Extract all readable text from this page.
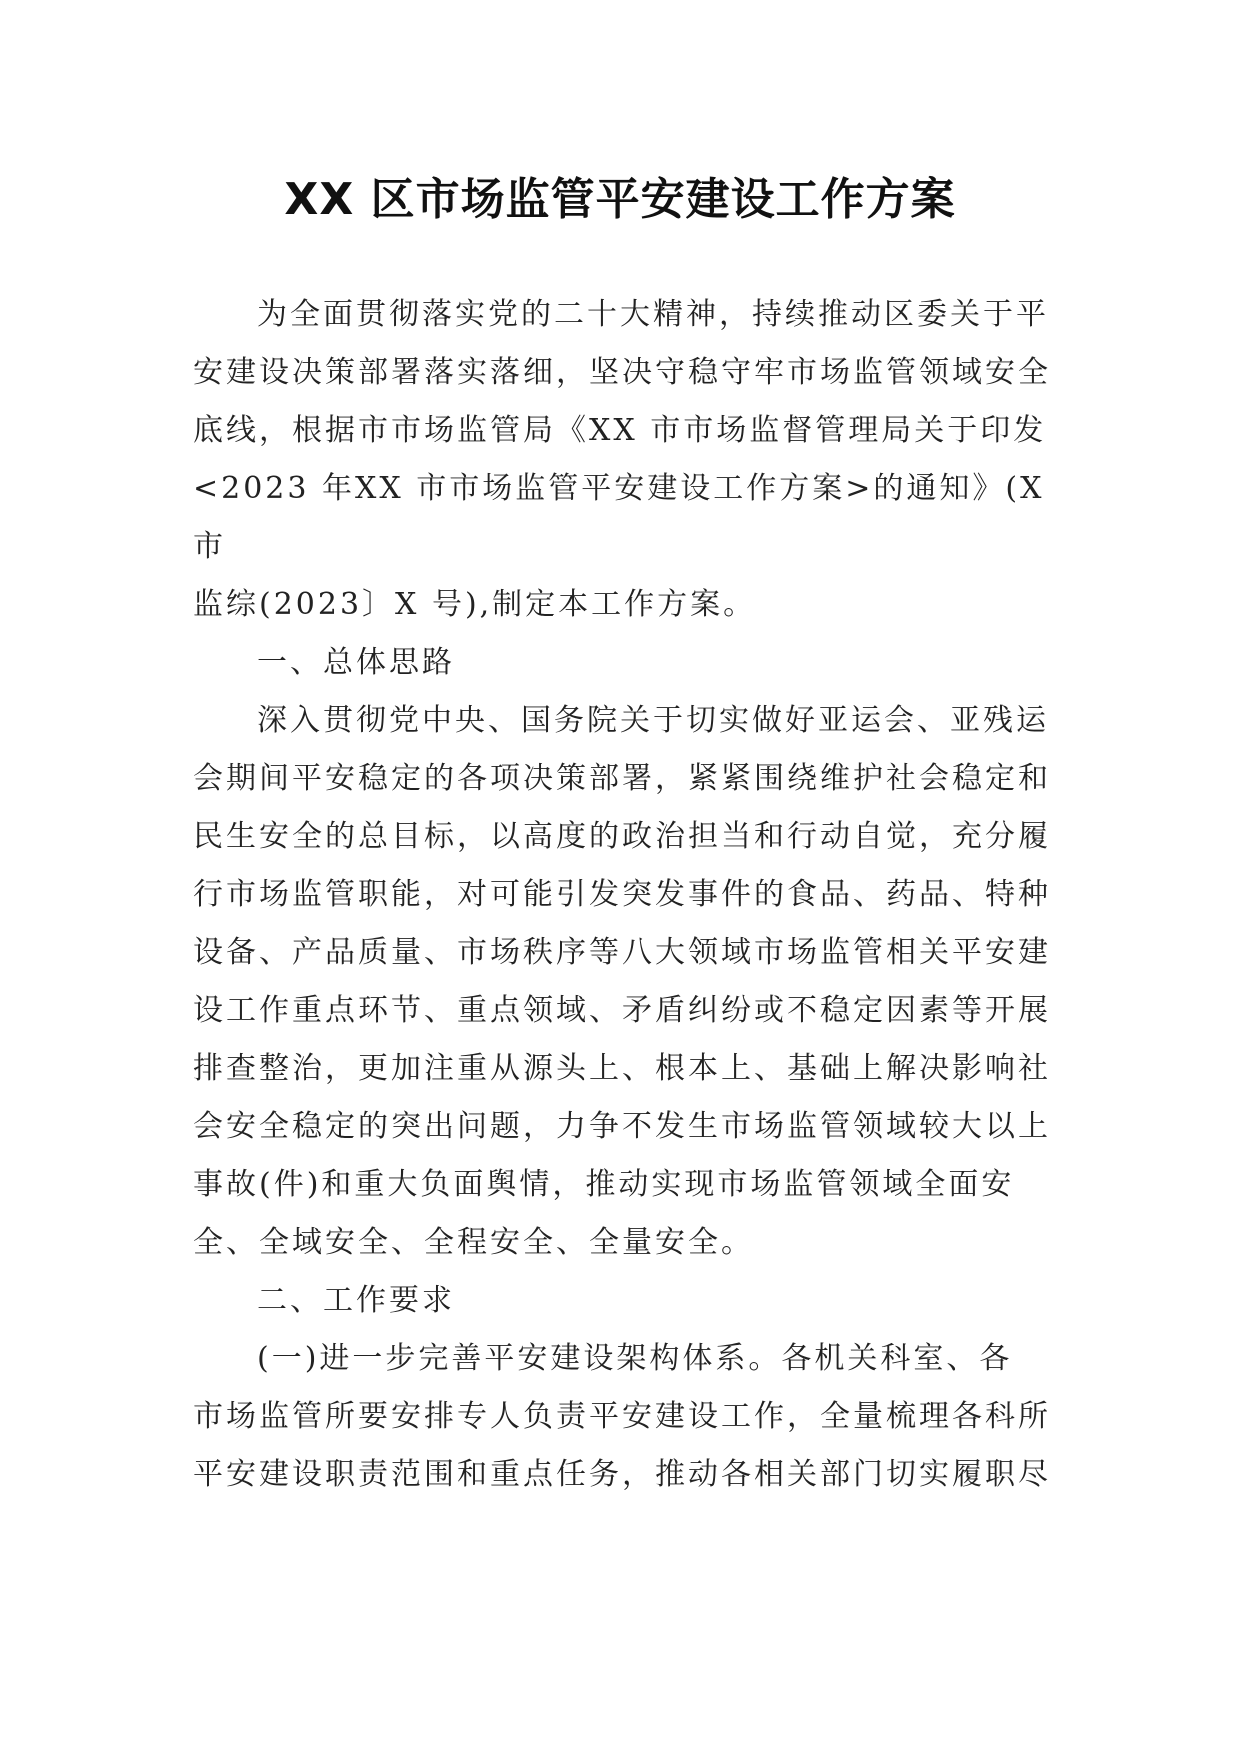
XX 区市场监管平安建设工作方案
为全面贯彻落实党的二十大精神，持续推动区委关于平
安建设决策部署落实落细，坚决守稳守牢市场监管领域安全
底线，根据市市场监管局《XX 市市场监督管理局关于印发
<2023 年XX 市市场监管平安建设工作方案>的通知》(X
市
监综(2023〕X 号),制定本工作方案。
一、总体思路
深入贯彻党中央、国务院关于切实做好亚运会、亚残运
会期间平安稳定的各项决策部署，紧紧围绕维护社会稳定和
民生安全的总目标，以高度的政治担当和行动自觉，充分履
行市场监管职能，对可能引发突发事件的食品、药品、特种
设备、产品质量、市场秩序等八大领域市场监管相关平安建
设工作重点环节、重点领域、矛盾纠纷或不稳定因素等开展
排查整治，更加注重从源头上、根本上、基础上解决影响社
会安全稳定的突出问题，力争不发生市场监管领域较大以上
事故(件)和重大负面舆情，推动实现市场监管领域全面安
全、全域安全、全程安全、全量安全。
二、工作要求
(一)进一步完善平安建设架构体系。各机关科室、各
市场监管所要安排专人负责平安建设工作，全量梳理各科所
平安建设职责范围和重点任务，推动各相关部门切实履职尽
